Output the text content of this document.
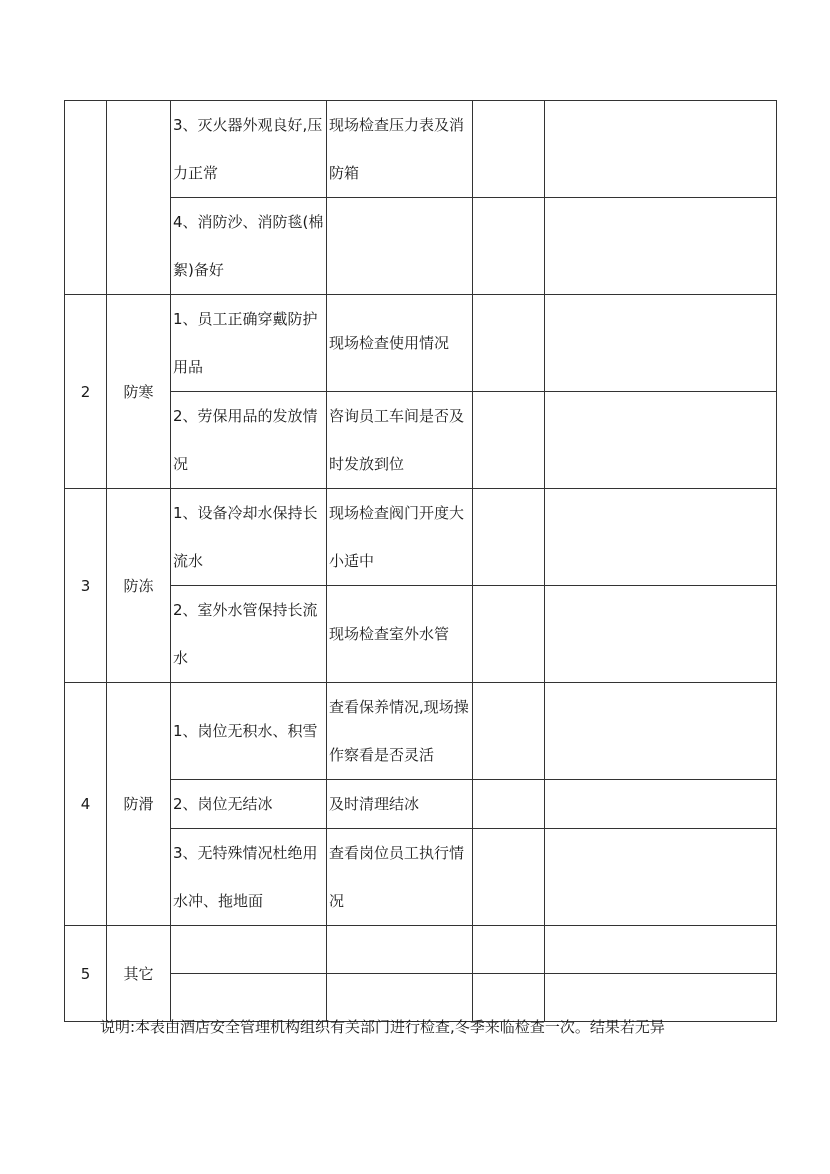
		3、灭火器外观良好,压力正常	现场检查压力表及消防箱		
		4、消防沙、消防毯(棉絮)备好			
2	防寒	1、员工正确穿戴防护用品	现场检查使用情况		
		2、劳保用品的发放情况	咨询员工车间是否及时发放到位		
3	防冻	1、设备冷却水保持长流水	现场检查阀门开度大小适中		
		2、室外水管保持长流水	现场检查室外水管		
4	防滑	1、岗位无积水、积雪	查看保养情况,现场操作察看是否灵活		
		2、岗位无结冰	及时清理结冰		
		3、无特殊情况杜绝用水冲、拖地面	查看岗位员工执行情况		
5	其它				

说明:本表由酒店安全管理机构组织有关部门进行检查,冬季来临检查一次。结果若无异
